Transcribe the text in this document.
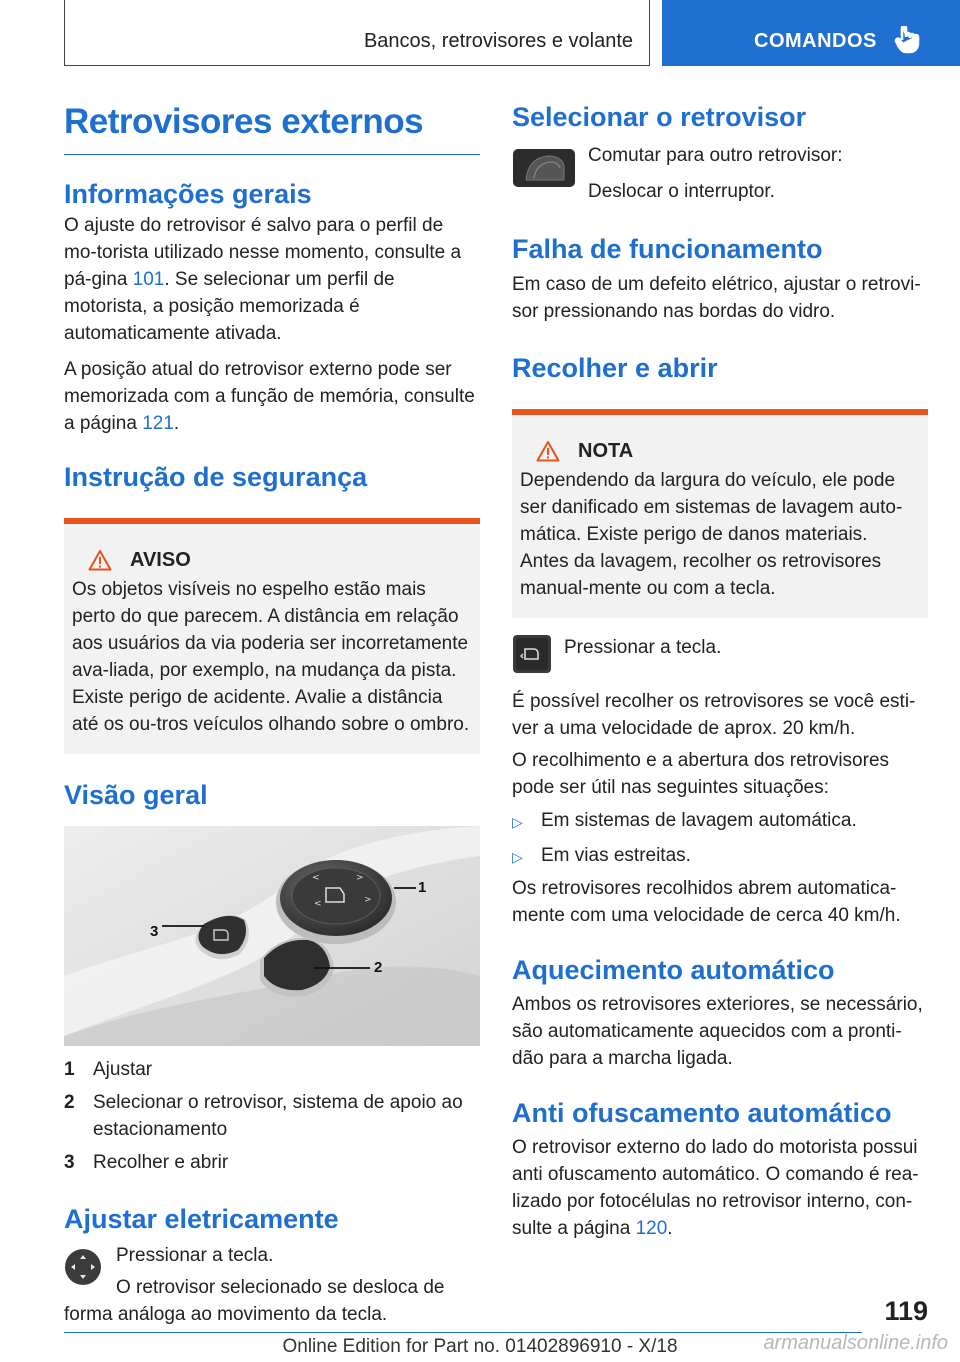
Bancos, retrovisores e volante	COMANDOS
Retrovisores externos
Informações gerais

O ajuste do retrovisor é salvo para o perfil de mo-torista utilizado nesse momento, consulte a pá-gina 101. Se selecionar um perfil de motorista, a posição memorizada é automaticamente ativada.

A posição atual do retrovisor externo pode ser memorizada com a função de memória, consulte a página 121.

Instrução de segurança
AVISO

Os objetos visíveis no espelho estão mais perto do que parecem. A distância em relação aos usuários da via poderia ser incorretamente ava-liada, por exemplo, na mudança da pista. Existe perigo de acidente. Avalie a distância até os ou-tros veículos olhando sobre o ombro.

Visão geral
<	>
<	>
1
2
3
1 Ajustar
2 Selecionar o retrovisor, sistema de apoio ao estacionamento
3 Recolher e abrir
Ajustar eletricamente

Pressionar a tecla.

O retrovisor selecionado se desloca de forma análoga ao movimento da tecla.

Selecionar o retrovisor

Comutar para outro retrovisor:

Deslocar o interruptor.

Falha de funcionamento

Em caso de um defeito elétrico, ajustar o retrovi-sor pressionando nas bordas do vidro.

Recolher e abrir
NOTA

Dependendo da largura do veículo, ele pode ser danificado em sistemas de lavagem auto-mática. Existe perigo de danos materiais. Antes da lavagem, recolher os retrovisores manual-mente ou com a tecla.

Pressionar a tecla.

É possível recolher os retrovisores se você esti-ver a uma velocidade de aprox. 20 km/h.

O recolhimento e a abertura dos retrovisores pode ser útil nas seguintes situações:

▷ Em sistemas de lavagem automática.
▷ Em vias estreitas.

Os retrovisores recolhidos abrem automatica-mente com uma velocidade de cerca 40 km/h.

Aquecimento automático

Ambos os retrovisores exteriores, se necessário, são automaticamente aquecidos com a pronti-dão para a marcha ligada.

Anti ofuscamento automático

O retrovisor externo do lado do motorista possui anti ofuscamento automático. O comando é rea-lizado por fotocélulas no retrovisor interno, con-sulte a página 120.

119
Online Edition for Part no. 01402896910 - X/18	armanualsonline.info
